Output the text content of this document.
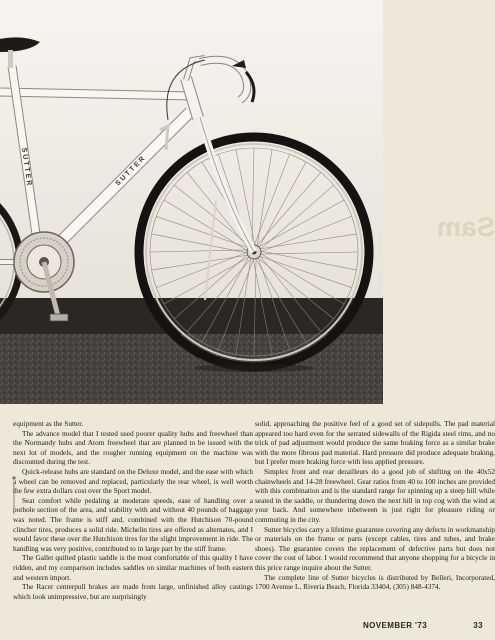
SUTTER	SUTTER
Sam

equipment as the Sutter.

The advance model that I tested used poorer quality hubs and freewheel than the Normandy hubs and Atom freewheel that are planned to be issued with the next lot of models, and the rougher running equipment on the machine was discounted during the test.

Quick-release hubs are standard on the Deluxe model, and the ease with which a wheel can be removed and replaced, particularly the rear wheel, is well worth the few extra dollars cost over the Sport model.

Seat comfort while pedaling at moderate speeds, ease of handling over a pothole section of the area, and stability with and without 40 pounds of baggage was noted. The frame is stiff and, combined with the Hutchison 70-pound clincher tires, produces a solid ride. Michelin tires are offered as alternates, and I would favor these over the Hutchison tires for the slight improvement in ride. The handling was very positive, contributed to in large part by the stiff frame.

The Gallet quilted plastic saddle is the most comfortable of this quality I have ridden, and my comparison includes saddles on similar machines of both eastern and western import.

The Racer centerpull brakes are made from large, unfinished alloy castings which look unimpressive, but are surprisingly

solid, approaching the positive feel of a good set of sidepulls. The pad material appeared too hard even for the serrated sidewalls of the Rigida steel rims, and no trick of pad adjustment would produce the same braking force as a similar brake with the more fibrous pad material. Hard pressure did produce adequate braking, but I prefer more braking force with less applied pressure.

Simplex front and rear derailleurs do a good job of shifting on the 40x52 chainwheels and 14-28 freewheel. Gear ratios from 40 to 100 inches are provided with this combination and is the standard range for spinning up a steep hill while seated in the saddle, or thundering down the next hill in top cog with the wind at your back. And somewhere inbetween is just right for pleasure riding or commuting in the city.

Sutter bicycles carry a lifetime guarantee covering any defects in workmanship or materials on the frame or parts (except cables, tires and tubes, and brake shoes). The guarantee covers the replacement of defective parts but does not cover the cost of labor. I would recommend that anyone shopping for a bicycle in this price range inquire about the Sutter.

The complete line of Sutter bicycles is distributed by Belleri, Incorporated, 1700 Avenue L, Riveria Beach, Florida 33404, (305) 848-4374.

NOVEMBER '73	33
